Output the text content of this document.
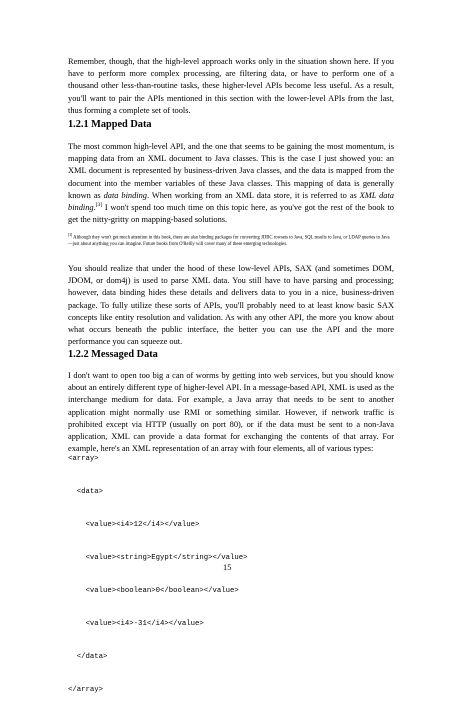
Remember, though, that the high-level approach works only in the situation shown here. If you have to perform more complex processing, are filtering data, or have to perform one of a thousand other less-than-routine tasks, these higher-level APIs become less useful. As a result, you'll want to pair the APIs mentioned in this section with the lower-level APIs from the last, thus forming a complete set of tools.

1.2.1 Mapped Data

The most common high-level API, and the one that seems to be gaining the most momentum, is mapping data from an XML document to Java classes. This is the case I just showed you: an XML document is represented by business-driven Java classes, and the data is mapped from the document into the member variables of these Java classes. This mapping of data is generally known as data binding. When working from an XML data store, it is referred to as XML data binding.[3] I won't spend too much time on this topic here, as you've got the rest of the book to get the nitty-gritty on mapping-based solutions.

[3] Although they won't get much attention in this book, there are also binding packages for converting JDBC rowsets to Java, SQL results to Java, or LDAP queries to Java—just about anything you can imagine. Future books from O'Reilly will cover many of these emerging technologies.

You should realize that under the hood of these low-level APIs, SAX (and sometimes DOM, JDOM, or dom4j) is used to parse XML data. You still have to have parsing and processing; however, data binding hides these details and delivers data to you in a nice, business-driven package. To fully utilize these sorts of APIs, you'll probably need to at least know basic SAX concepts like entity resolution and validation. As with any other API, the more you know about what occurs beneath the public interface, the better you can use the API and the more performance you can squeeze out.

1.2.2 Messaged Data

I don't want to open too big a can of worms by getting into web services, but you should know about an entirely different type of higher-level API. In a message-based API, XML is used as the interchange medium for data. For example, a Java array that needs to be sent to another application might normally use RMI or something similar. However, if network traffic is prohibited except via HTTP (usually on port 80), or if the data must be sent to a non-Java application, XML can provide a data format for exchanging the contents of that array. For example, here's an XML representation of an array with four elements, all of various types:

<array>

<data>

<value><i4>12</i4></value>

<value><string>Egypt</string></value>

<value><boolean>0</boolean></value>

<value><i4>-31</i4></value>

</data>

</array>

15
